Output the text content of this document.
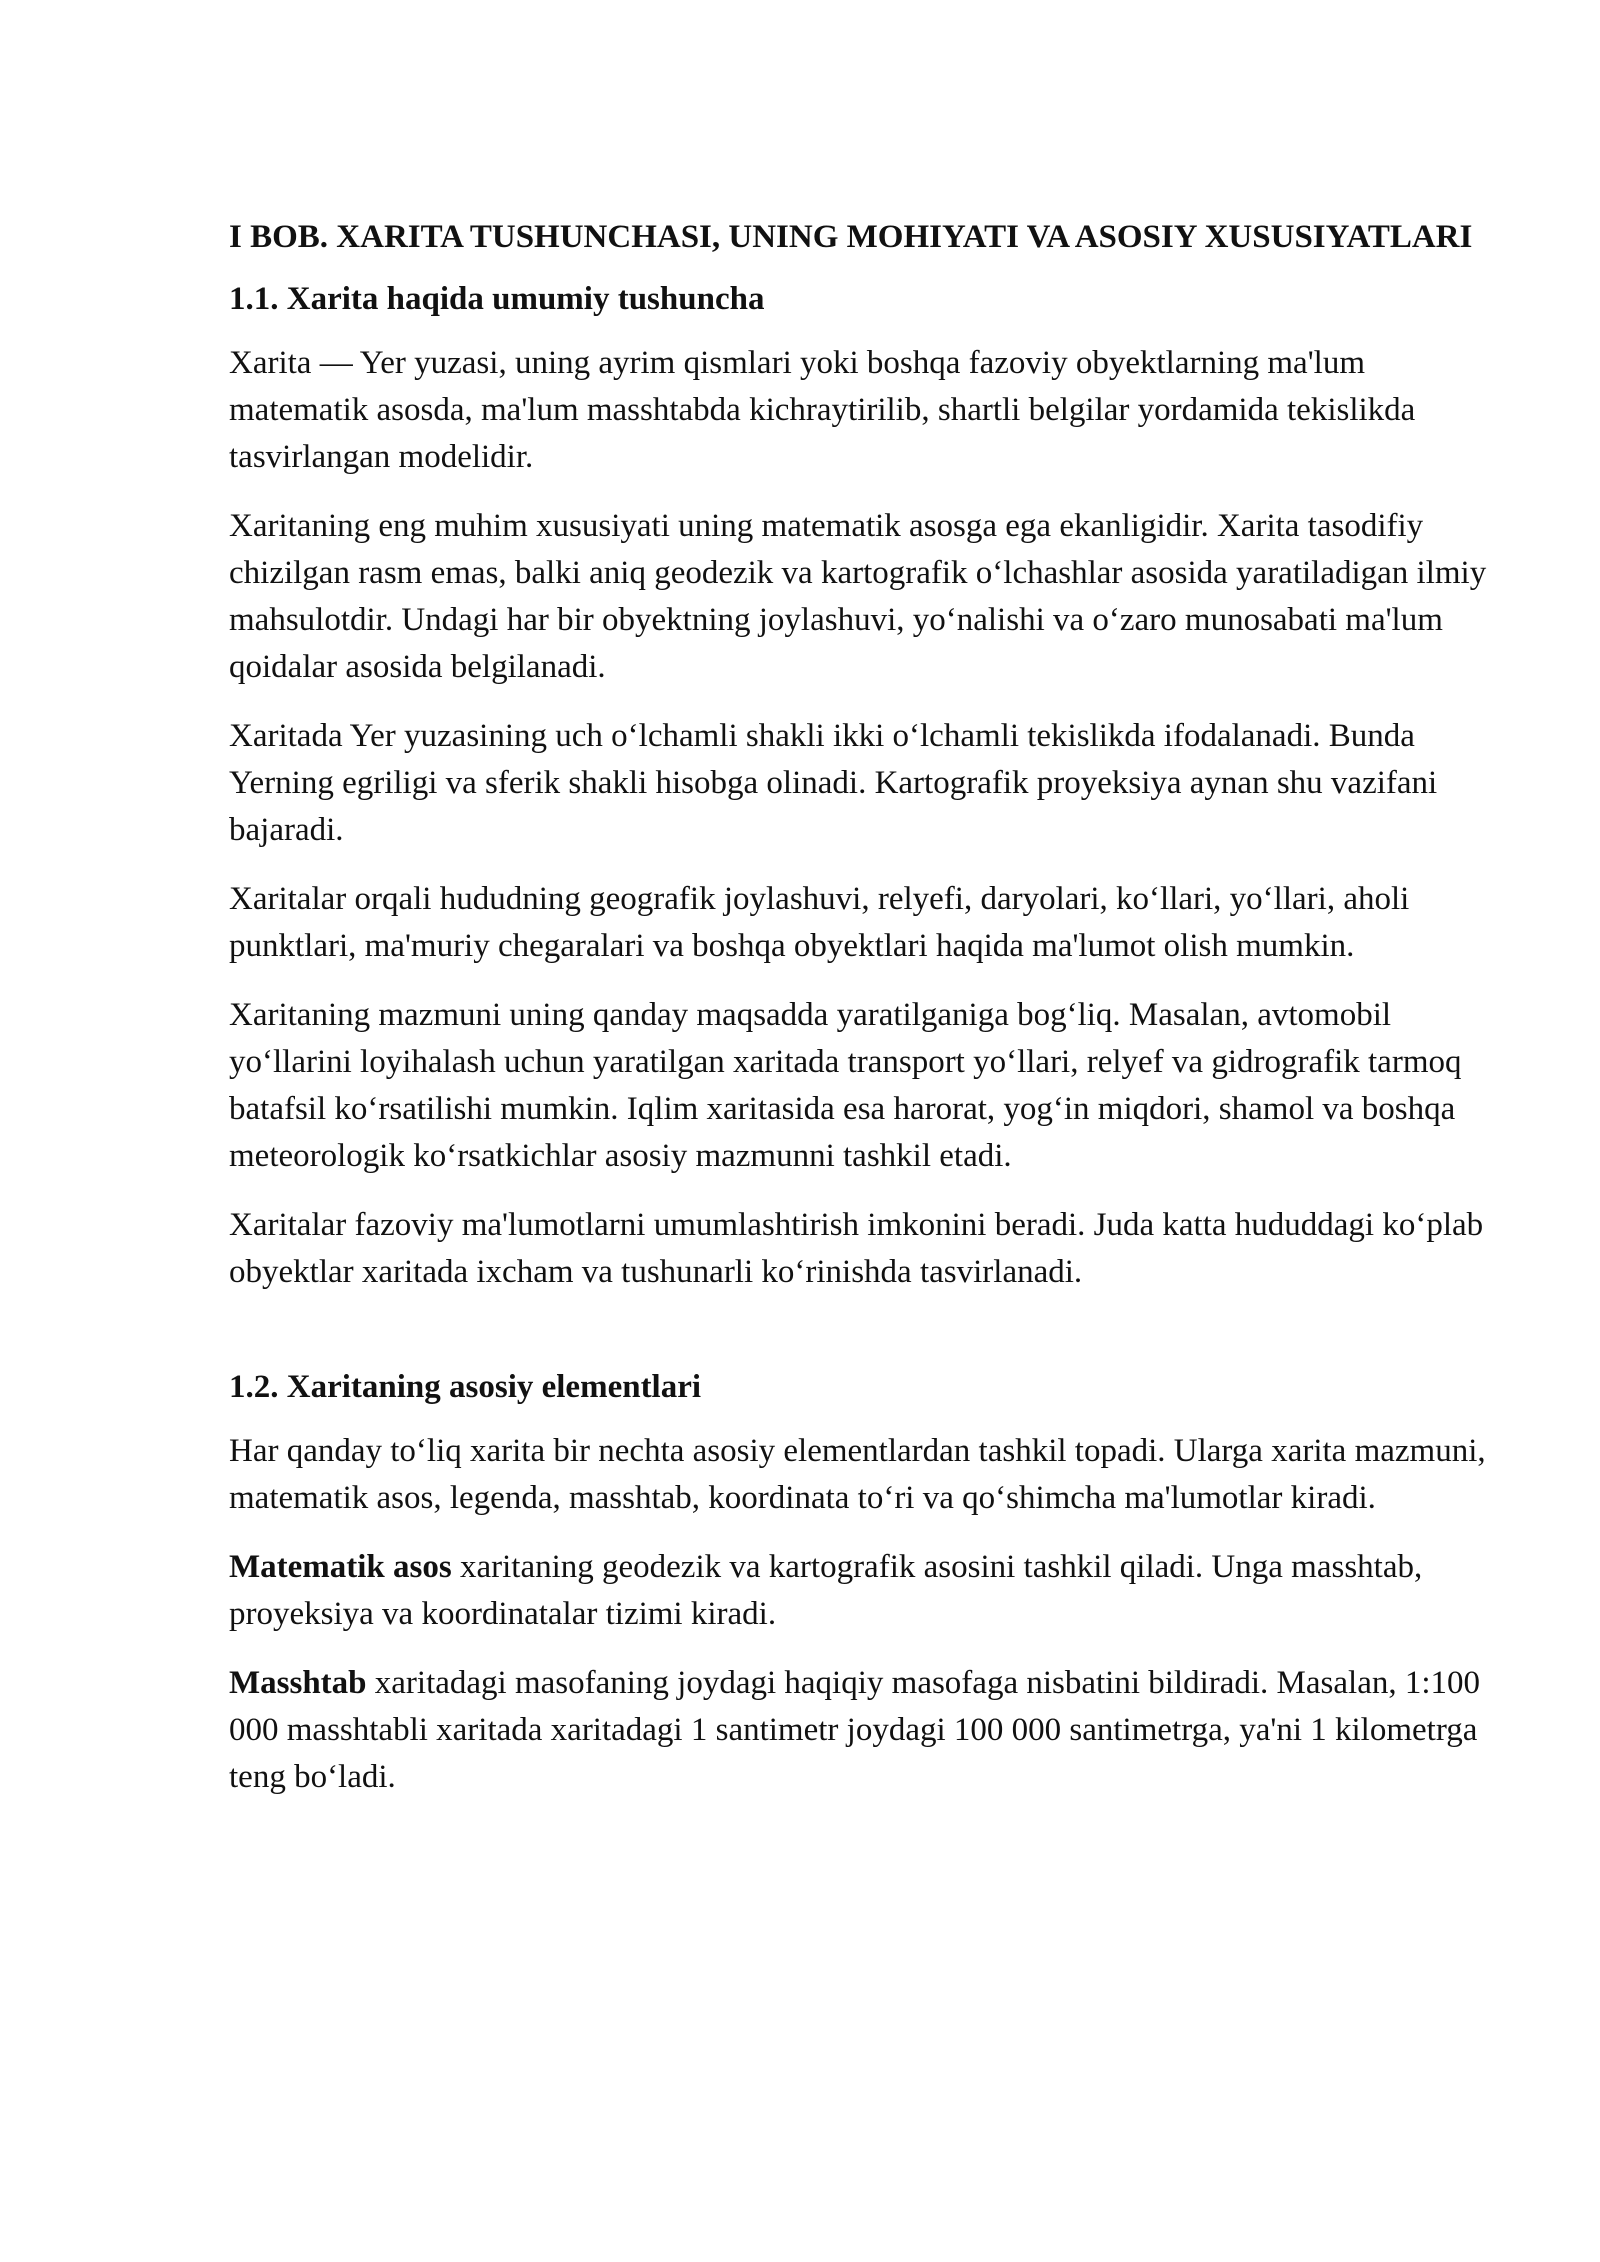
I BOB. XARITA TUSHUNCHASI, UNING MOHIYATI VA ASOSIY XUSUSIYATLARI
1.1. Xarita haqida umumiy tushuncha

Xarita — Yer yuzasi, uning ayrim qismlari yoki boshqa fazoviy obyektlarning ma'lum matematik asosda, ma'lum masshtabda kichraytirilib, shartli belgilar yordamida tekislikda tasvirlangan modelidir.

Xaritaning eng muhim xususiyati uning matematik asosga ega ekanligidir. Xarita tasodifiy chizilgan rasm emas, balki aniq geodezik va kartografik o‘lchashlar asosida yaratiladigan ilmiy mahsulotdir. Undagi har bir obyektning joylashuvi, yo‘nalishi va o‘zaro munosabati ma'lum qoidalar asosida belgilanadi.

Xaritada Yer yuzasining uch o‘lchamli shakli ikki o‘lchamli tekislikda ifodalanadi. Bunda Yerning egriligi va sferik shakli hisobga olinadi. Kartografik proyeksiya aynan shu vazifani bajaradi.

Xaritalar orqali hududning geografik joylashuvi, relyefi, daryolari, ko‘llari, yo‘llari, aholi punktlari, ma'muriy chegaralari va boshqa obyektlari haqida ma'lumot olish mumkin.

Xaritaning mazmuni uning qanday maqsadda yaratilganiga bog‘liq. Masalan, avtomobil yo‘llarini loyihalash uchun yaratilgan xaritada transport yo‘llari, relyef va gidrografik tarmoq batafsil ko‘rsatilishi mumkin. Iqlim xaritasida esa harorat, yog‘in miqdori, shamol va boshqa meteorologik ko‘rsatkichlar asosiy mazmunni tashkil etadi.

Xaritalar fazoviy ma'lumotlarni umumlashtirish imkonini beradi. Juda katta hududdagi ko‘plab obyektlar xaritada ixcham va tushunarli ko‘rinishda tasvirlanadi.

1.2. Xaritaning asosiy elementlari

Har qanday to‘liq xarita bir nechta asosiy elementlardan tashkil topadi. Ularga xarita mazmuni, matematik asos, legenda, masshtab, koordinata to‘ri va qo‘shimcha ma'lumotlar kiradi.

Matematik asos xaritaning geodezik va kartografik asosini tashkil qiladi. Unga masshtab, proyeksiya va koordinatalar tizimi kiradi.

Masshtab xaritadagi masofaning joydagi haqiqiy masofaga nisbatini bildiradi. Masalan, 1:100 000 masshtabli xaritada xaritadagi 1 santimetr joydagi 100 000 santimetrga, ya'ni 1 kilometrga teng bo‘ladi.
